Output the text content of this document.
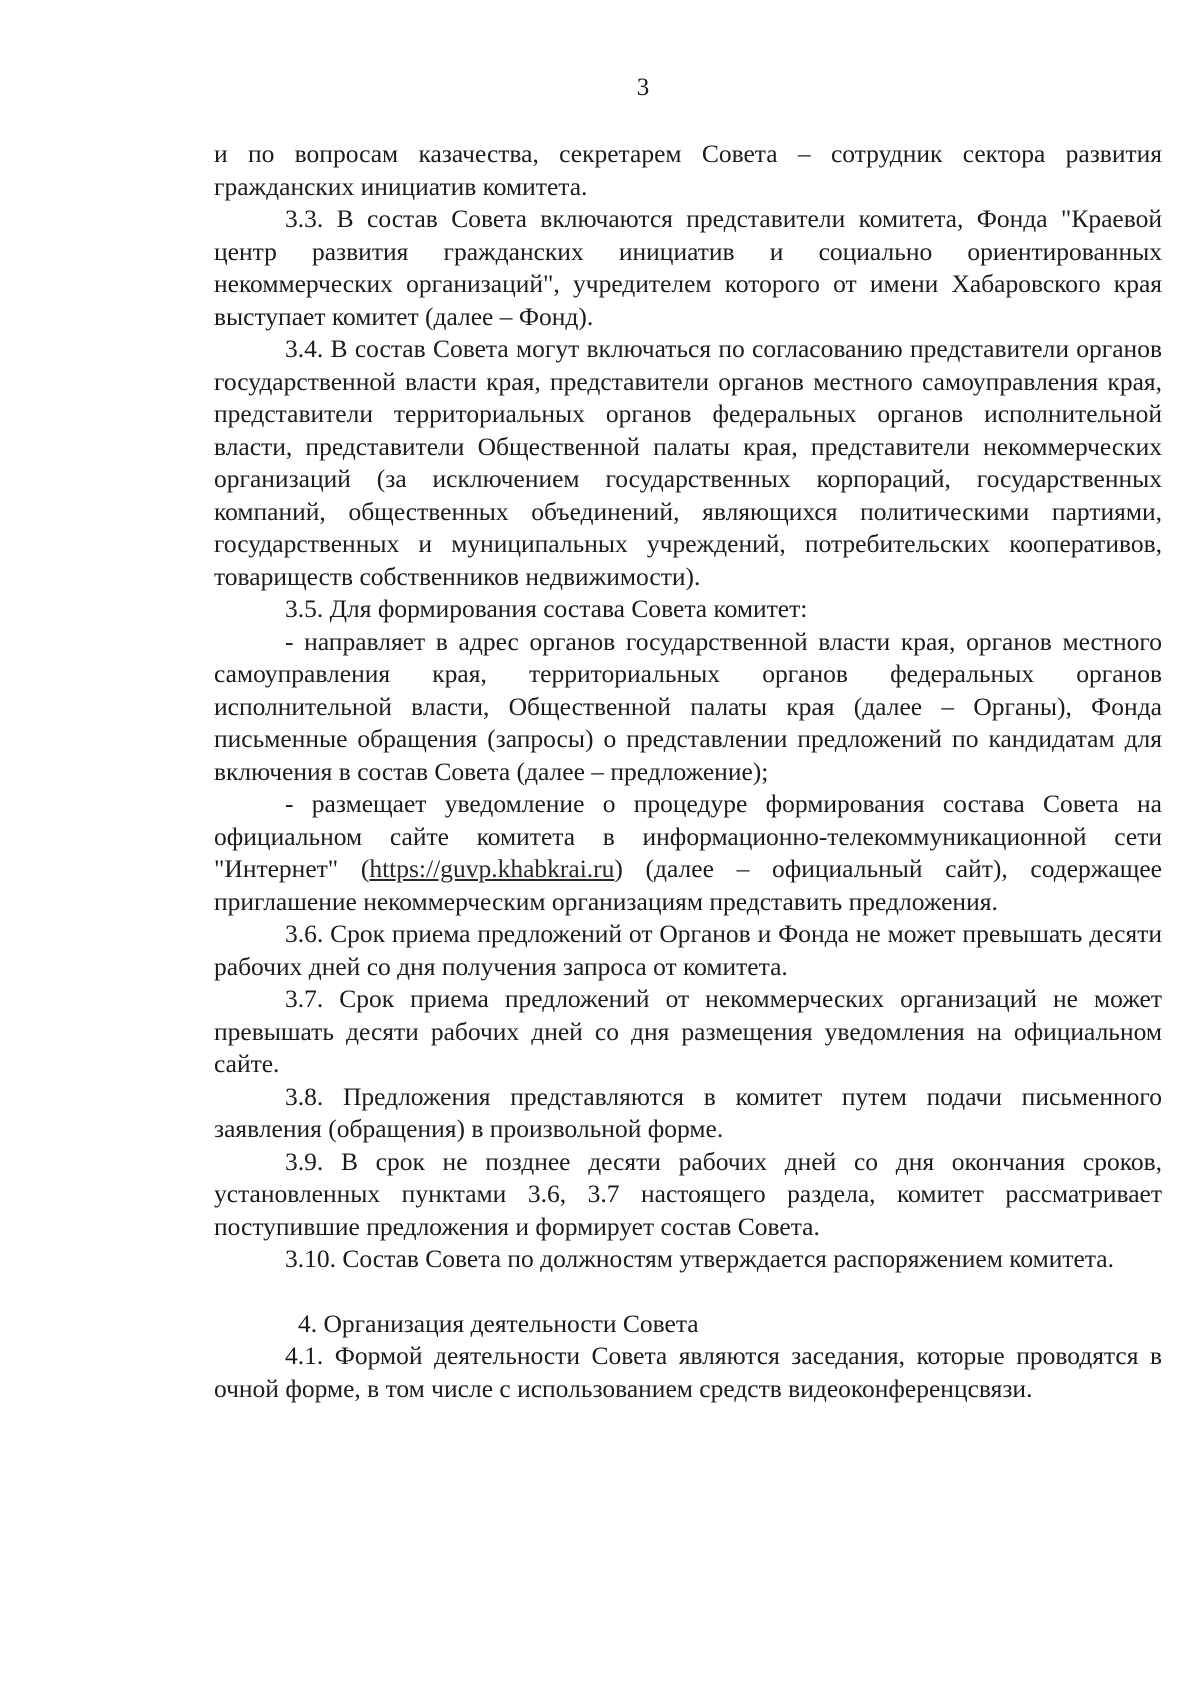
3

и по вопросам казачества, секретарем Совета – сотрудник сектора развития гражданских инициатив комитета.

3.3. В состав Совета включаются представители комитета, Фонда "Краевой центр развития гражданских инициатив и социально ориентированных некоммерческих организаций", учредителем которого от имени Хабаровского края выступает комитет (далее – Фонд).

3.4. В состав Совета могут включаться по согласованию представители органов государственной власти края, представители органов местного самоуправления края, представители территориальных органов федеральных органов исполнительной власти, представители Общественной палаты края, представители некоммерческих организаций (за исключением государственных корпораций, государственных компаний, общественных объединений, являющихся политическими партиями, государственных и муниципальных учреждений, потребительских кооперативов, товариществ собственников недвижимости).

3.5. Для формирования состава Совета комитет:

- направляет в адрес органов государственной власти края, органов местного самоуправления края, территориальных органов федеральных органов исполнительной власти, Общественной палаты края (далее – Органы), Фонда письменные обращения (запросы) о представлении предложений по кандидатам для включения в состав Совета (далее – предложение);

- размещает уведомление о процедуре формирования состава Совета на официальном сайте комитета в информационно-телекоммуникационной сети "Интернет" (https://guvp.khabkrai.ru) (далее – официальный сайт), содержащее приглашение некоммерческим организациям представить предложения.

3.6. Срок приема предложений от Органов и Фонда не может превышать десяти рабочих дней со дня получения запроса от комитета.

3.7. Срок приема предложений от некоммерческих организаций не может превышать десяти рабочих дней со дня размещения уведомления на официальном сайте.

3.8. Предложения представляются в комитет путем подачи письменного заявления (обращения) в произвольной форме.

3.9. В срок не позднее десяти рабочих дней со дня окончания сроков, установленных пунктами 3.6, 3.7 настоящего раздела, комитет рассматривает поступившие предложения и формирует состав Совета.

3.10. Состав Совета по должностям утверждается распоряжением комитета.

4. Организация деятельности Совета

4.1. Формой деятельности Совета являются заседания, которые проводятся в очной форме, в том числе с использованием средств видеоконференцсвязи.
